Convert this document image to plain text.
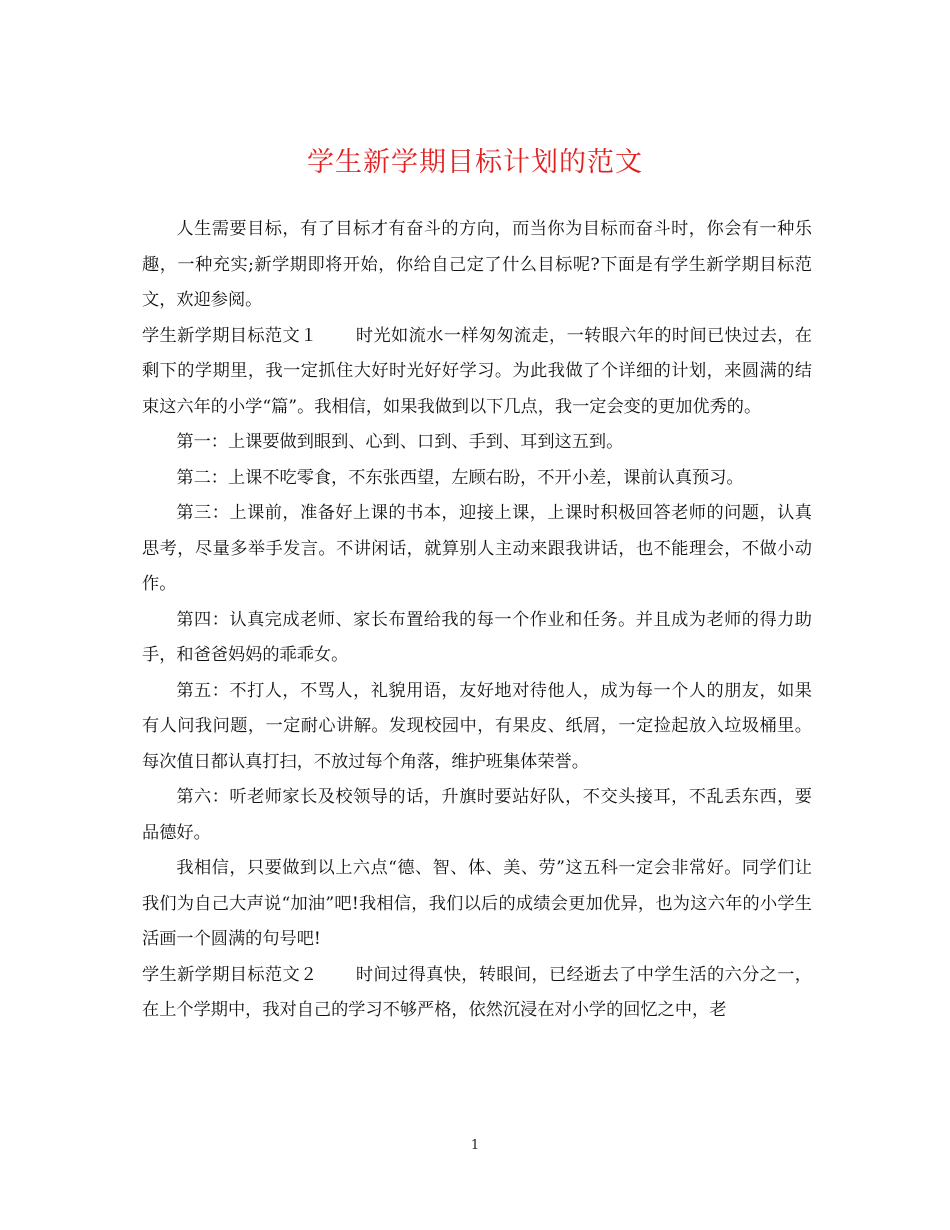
学生新学期目标计划的范文

人生需要目标，有了目标才有奋斗的方向，而当你为目标而奋斗时，你会有一种乐趣，一种充实;新学期即将开始，你给自己定了什么目标呢?下面是有学生新学期目标范文，欢迎参阅。

学生新学期目标范文１ 时光如流水一样匆匆流走，一转眼六年的时间已快过去，在剩下的学期里，我一定抓住大好时光好好学习。为此我做了个详细的计划，来圆满的结束这六年的小学“篇”。我相信，如果我做到以下几点，我一定会变的更加优秀的。

第一：上课要做到眼到、心到、口到、手到、耳到这五到。

第二：上课不吃零食，不东张西望，左顾右盼，不开小差，课前认真预习。

第三：上课前，准备好上课的书本，迎接上课，上课时积极回答老师的问题，认真思考，尽量多举手发言。不讲闲话，就算别人主动来跟我讲话，也不能理会，不做小动作。

第四：认真完成老师、家长布置给我的每一个作业和任务。并且成为老师的得力助手，和爸爸妈妈的乖乖女。

第五：不打人，不骂人，礼貌用语，友好地对待他人，成为每一个人的朋友，如果有人问我问题，一定耐心讲解。发现校园中，有果皮、纸屑，一定捡起放入垃圾桶里。每次值日都认真打扫，不放过每个角落，维护班集体荣誉。

第六：听老师家长及校领导的话，升旗时要站好队，不交头接耳，不乱丢东西，要品德好。

我相信，只要做到以上六点“德、智、体、美、劳”这五科一定会非常好。同学们让我们为自己大声说“加油”吧!我相信，我们以后的成绩会更加优异，也为这六年的小学生活画一个圆满的句号吧!

学生新学期目标范文２ 时间过得真快，转眼间，已经逝去了中学生活的六分之一，在上个学期中，我对自己的学习不够严格，依然沉浸在对小学的回忆之中，老

1
